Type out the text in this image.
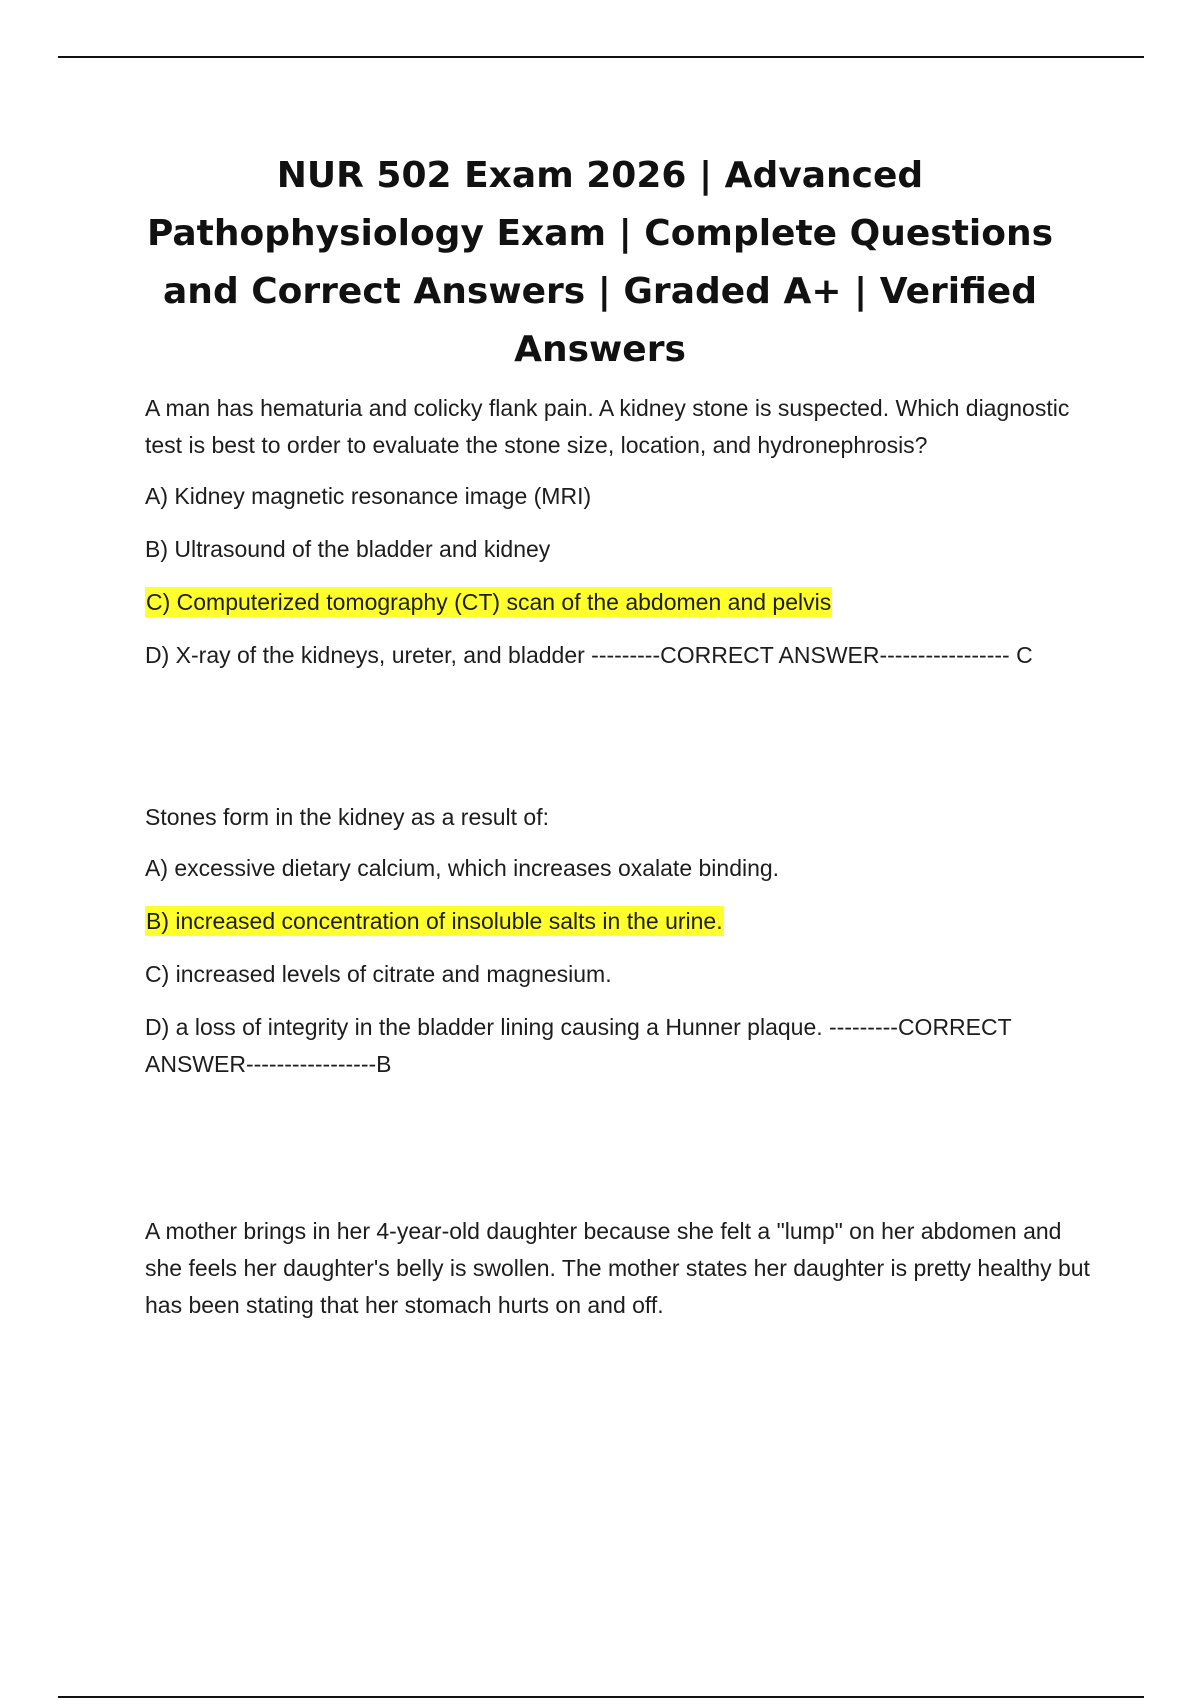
NUR 502 Exam 2026 | Advanced Pathophysiology Exam | Complete Questions and Correct Answers | Graded A+ | Verified Answers

A man has hematuria and colicky flank pain. A kidney stone is suspected. Which diagnostic test is best to order to evaluate the stone size, location, and hydronephrosis?

A) Kidney magnetic resonance image (MRI)

B) Ultrasound of the bladder and kidney

C) Computerized tomography (CT) scan of the abdomen and pelvis

D) X-ray of the kidneys, ureter, and bladder ---------CORRECT ANSWER----------------- C

Stones form in the kidney as a result of:

A) excessive dietary calcium, which increases oxalate binding.

B) increased concentration of insoluble salts in the urine.

C) increased levels of citrate and magnesium.

D) a loss of integrity in the bladder lining causing a Hunner plaque. ---------CORRECT ANSWER-----------------B

A mother brings in her 4-year-old daughter because she felt a "lump" on her abdomen and she feels her daughter's belly is swollen. The mother states her daughter is pretty healthy but has been stating that her stomach hurts on and off.
